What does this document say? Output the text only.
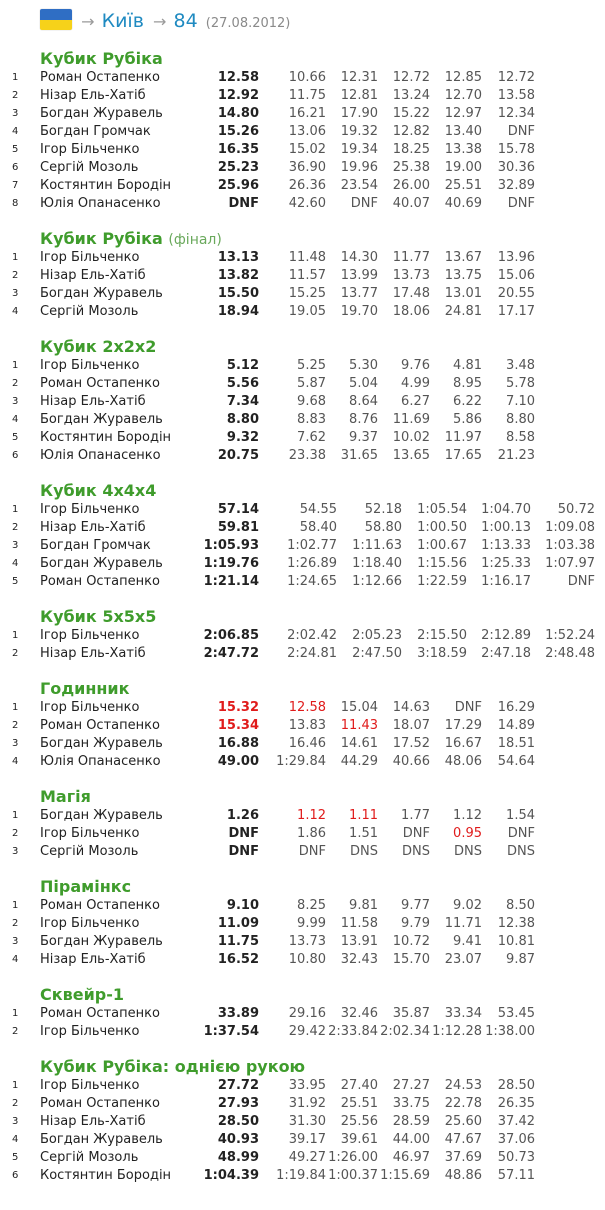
→ Київ → 84 (27.08.2012)
Кубик Рубіка
1	Роман Остапенко	12.58 10.66 12.31 12.72 12.85 12.72
2	Нізар Ель-Хатіб	12.92 11.75 12.81 13.24 12.70 13.58
3	Богдан Журавель	14.80 16.21 17.90 15.22 12.97 12.34
4	Богдан Громчак	15.26 13.06 19.32 12.82 13.40 DNF
5	Ігор Більченко	16.35 15.02 19.34 18.25 13.38 15.78
6	Сергій Мозоль	25.23 36.90 19.96 25.38 19.00 30.36
7	Костянтин Бородін	25.96 26.36 23.54 26.00 25.51 32.89
8	Юлія Опанасенко	DNF 42.60 DNF 40.07 40.69 DNF
Кубик Рубіка (фінал)
1	Ігор Більченко	13.13 11.48 14.30 11.77 13.67 13.96
2	Нізар Ель-Хатіб	13.82 11.57 13.99 13.73 13.75 15.06
3	Богдан Журавель	15.50 15.25 13.77 17.48 13.01 20.55
4	Сергій Мозоль	18.94 19.05 19.70 18.06 24.81 17.17
Кубик 2x2x2
1	Ігор Більченко	5.12	5.25 5.30 9.76 4.81 3.48
2	Роман Остапенко	5.56	5.87 5.04 4.99 8.95 5.78
3	Нізар Ель-Хатіб	7.34	9.68 8.64 6.27 6.22 7.10
4	Богдан Журавель	8.80	8.83 8.76 11.69 5.86 8.80
5	Костянтин Бородін	9.32	7.62 9.37 10.02 11.97 8.58
6	Юлія Опанасенко	20.75 23.38 31.65 13.65 17.65 21.23
Кубик 4x4x4
1	Ігор Більченко	57.14	54.55 52.18 1:05.54 1:04.70 50.72
2	Нізар Ель-Хатіб	59.81	58.40 58.80 1:00.50 1:00.13 1:09.08
3	Богдан Громчак	1:05.93 1:02.77 1:11.63 1:00.67 1:13.33 1:03.38
4	Богдан Журавель	1:19.76 1:26.89 1:18.40 1:15.56 1:25.33 1:07.97
5	Роман Остапенко	1:21.14 1:24.65 1:12.66 1:22.59 1:16.17	DNF
Кубик 5x5x5
1	Ігор Більченко	2:06.85 2:02.42 2:05.23 2:15.50 2:12.89 1:52.24
2	Нізар Ель-Хатіб	2:47.72 2:24.81 2:47.50 3:18.59 2:47.18 2:48.48
Годинник
1	Ігор Більченко	15.32 12.58 15.04 14.63 DNF 16.29
2	Роман Остапенко	15.34 13.83 11.43 18.07 17.29 14.89
3	Богдан Журавель	16.88 16.46 14.61 17.52 16.67 18.51
4	Юлія Опанасенко	49.00 1:29.84 44.29 40.66 48.06 54.64
Магія
1	Богдан Журавель	1.26	1.12 1.11 1.77 1.12 1.54
2	Ігор Більченко	DNF	1.86 1.51 DNF 0.95 DNF
3	Сергій Мозоль	DNF	DNF DNS DNS DNS DNS
Пірамінкс
1	Роман Остапенко	9.10	8.25 9.81 9.77 9.02 8.50
2	Ігор Більченко	11.09	9.99 11.58 9.79 11.71 12.38
3	Богдан Журавель	11.75 13.73 13.91 10.72 9.41 10.81
4	Нізар Ель-Хатіб	16.52 10.80 32.43 15.70 23.07 9.87
Сквейр-1
1	Роман Остапенко	33.89 29.16 32.46 35.87 33.34 53.45
2	Ігор Більченко	1:37.54 29.42 2:33.84 2:02.34 1:12.28 1:38.00
Кубик Рубіка: однією рукою
1	Ігор Більченко	27.72 33.95 27.40 27.27 24.53 28.50
2	Роман Остапенко	27.93 31.92 25.51 33.75 22.78 26.35
3	Нізар Ель-Хатіб	28.50 31.30 25.56 28.59 25.60 37.42
4	Богдан Журавель	40.93 39.17 39.61 44.00 47.67 37.06
5	Сергій Мозоль	48.99 49.27 1:26.00 46.97 37.69 50.73
6	Костянтин Бородін	1:04.39 1:19.84 1:00.37 1:15.69 48.86 57.11
